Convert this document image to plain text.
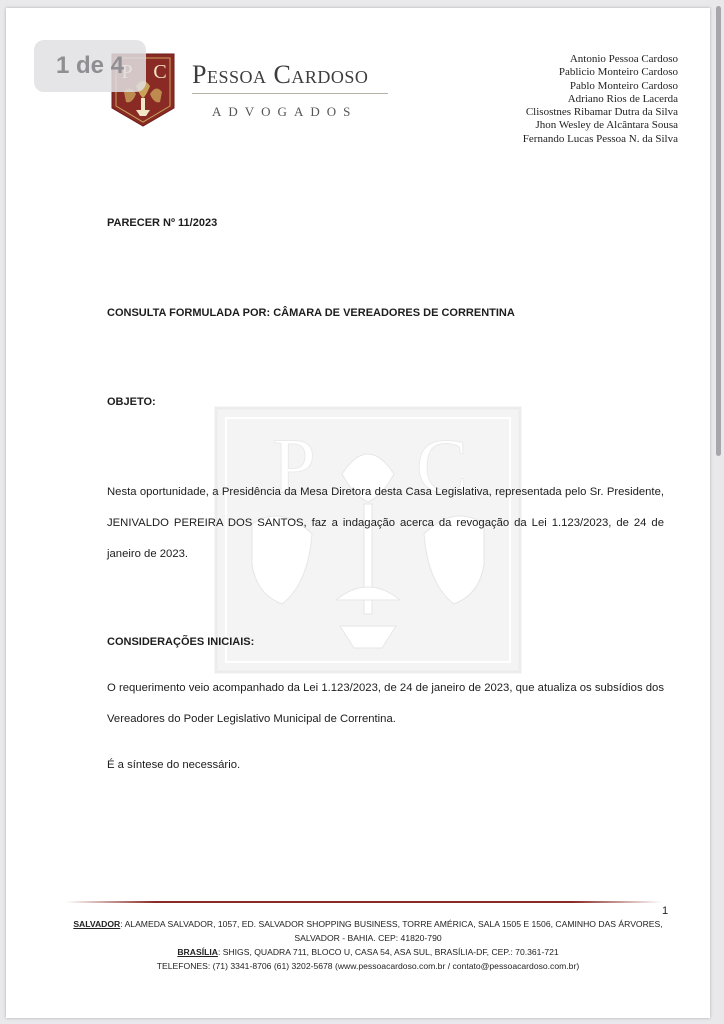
C Pessoa Cardoso
ADVOGADOS
Antonio Pessoa Cardoso
Pablicio Monteiro Cardoso
Pablo Monteiro Cardoso
Adriano Rios de Lacerda
Clisostnes Ribamar Dutra da Silva
Jhon Wesley de Alcântara Sousa
Fernando Lucas Pessoa N. da Silva
P C
PARECER Nº 11/2023
CONSULTA FORMULADA POR: CÂMARA DE VEREADORES DE CORRENTINA
OBJETO:
Nesta oportunidade, a Presidência da Mesa Diretora desta Casa Legislativa, representada pelo Sr. Presidente, JENIVALDO PEREIRA DOS SANTOS, faz a indagação acerca da revogação da Lei 1.123/2023, de 24 de janeiro de 2023.
CONSIDERAÇÕES INICIAIS:
O requerimento veio acompanhado da Lei 1.123/2023, de 24 de janeiro de 2023, que atualiza os subsídios dos Vereadores do Poder Legislativo Municipal de Correntina.
É a síntese do necessário.
1
SALVADOR: ALAMEDA SALVADOR, 1057, ED. SALVADOR SHOPPING BUSINESS, TORRE AMÉRICA, SALA 1505 E 1506, CAMINHO DAS ÁRVORES, SALVADOR - BAHIA. CEP: 41820-790
BRASÍLIA: SHIGS, QUADRA 711, BLOCO U, CASA 54, ASA SUL, BRASÍLIA-DF, CEP.: 70.361-721
TELEFONES: (71) 3341-8706 (61) 3202-5678 (www.pessoacardoso.com.br / contato@pessoacardoso.com.br)
1 de 4
